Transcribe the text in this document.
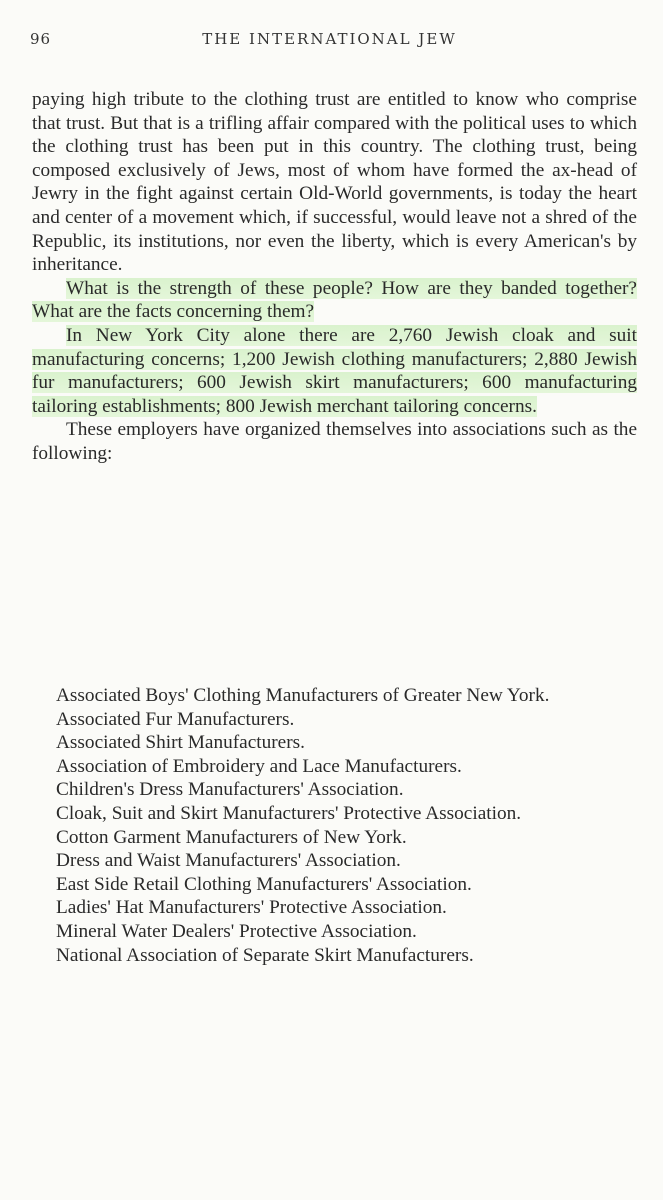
96	THE INTERNATIONAL JEW

paying high tribute to the clothing trust are entitled to know who comprise that trust. But that is a trifling affair compared with the political uses to which the clothing trust has been put in this country. The clothing trust, being composed exclusively of Jews, most of whom have formed the ax-head of Jewry in the fight against certain Old-World governments, is today the heart and center of a movement which, if successful, would leave not a shred of the Republic, its institutions, nor even the liberty, which is every American's by inheritance.

What is the strength of these people? How are they banded together? What are the facts concerning them?

In New York City alone there are 2,760 Jewish cloak and suit manufacturing concerns; 1,200 Jewish clothing manufacturers; 2,880 Jewish fur manufacturers; 600 Jewish skirt manufacturers; 600 manufacturing tailoring establishments; 800 Jewish merchant tailoring concerns.

These employers have organized themselves into associations such as the following:

Associated Boys' Clothing Manufacturers of Greater New York.

Associated Fur Manufacturers.

Associated Shirt Manufacturers.

Association of Embroidery and Lace Manufacturers.

Children's Dress Manufacturers' Association.

Cloak, Suit and Skirt Manufacturers' Protective Association.

Cotton Garment Manufacturers of New York.

Dress and Waist Manufacturers' Association.

East Side Retail Clothing Manufacturers' Association.

Ladies' Hat Manufacturers' Protective Association.

Mineral Water Dealers' Protective Association.

National Association of Separate Skirt Manufacturers.
